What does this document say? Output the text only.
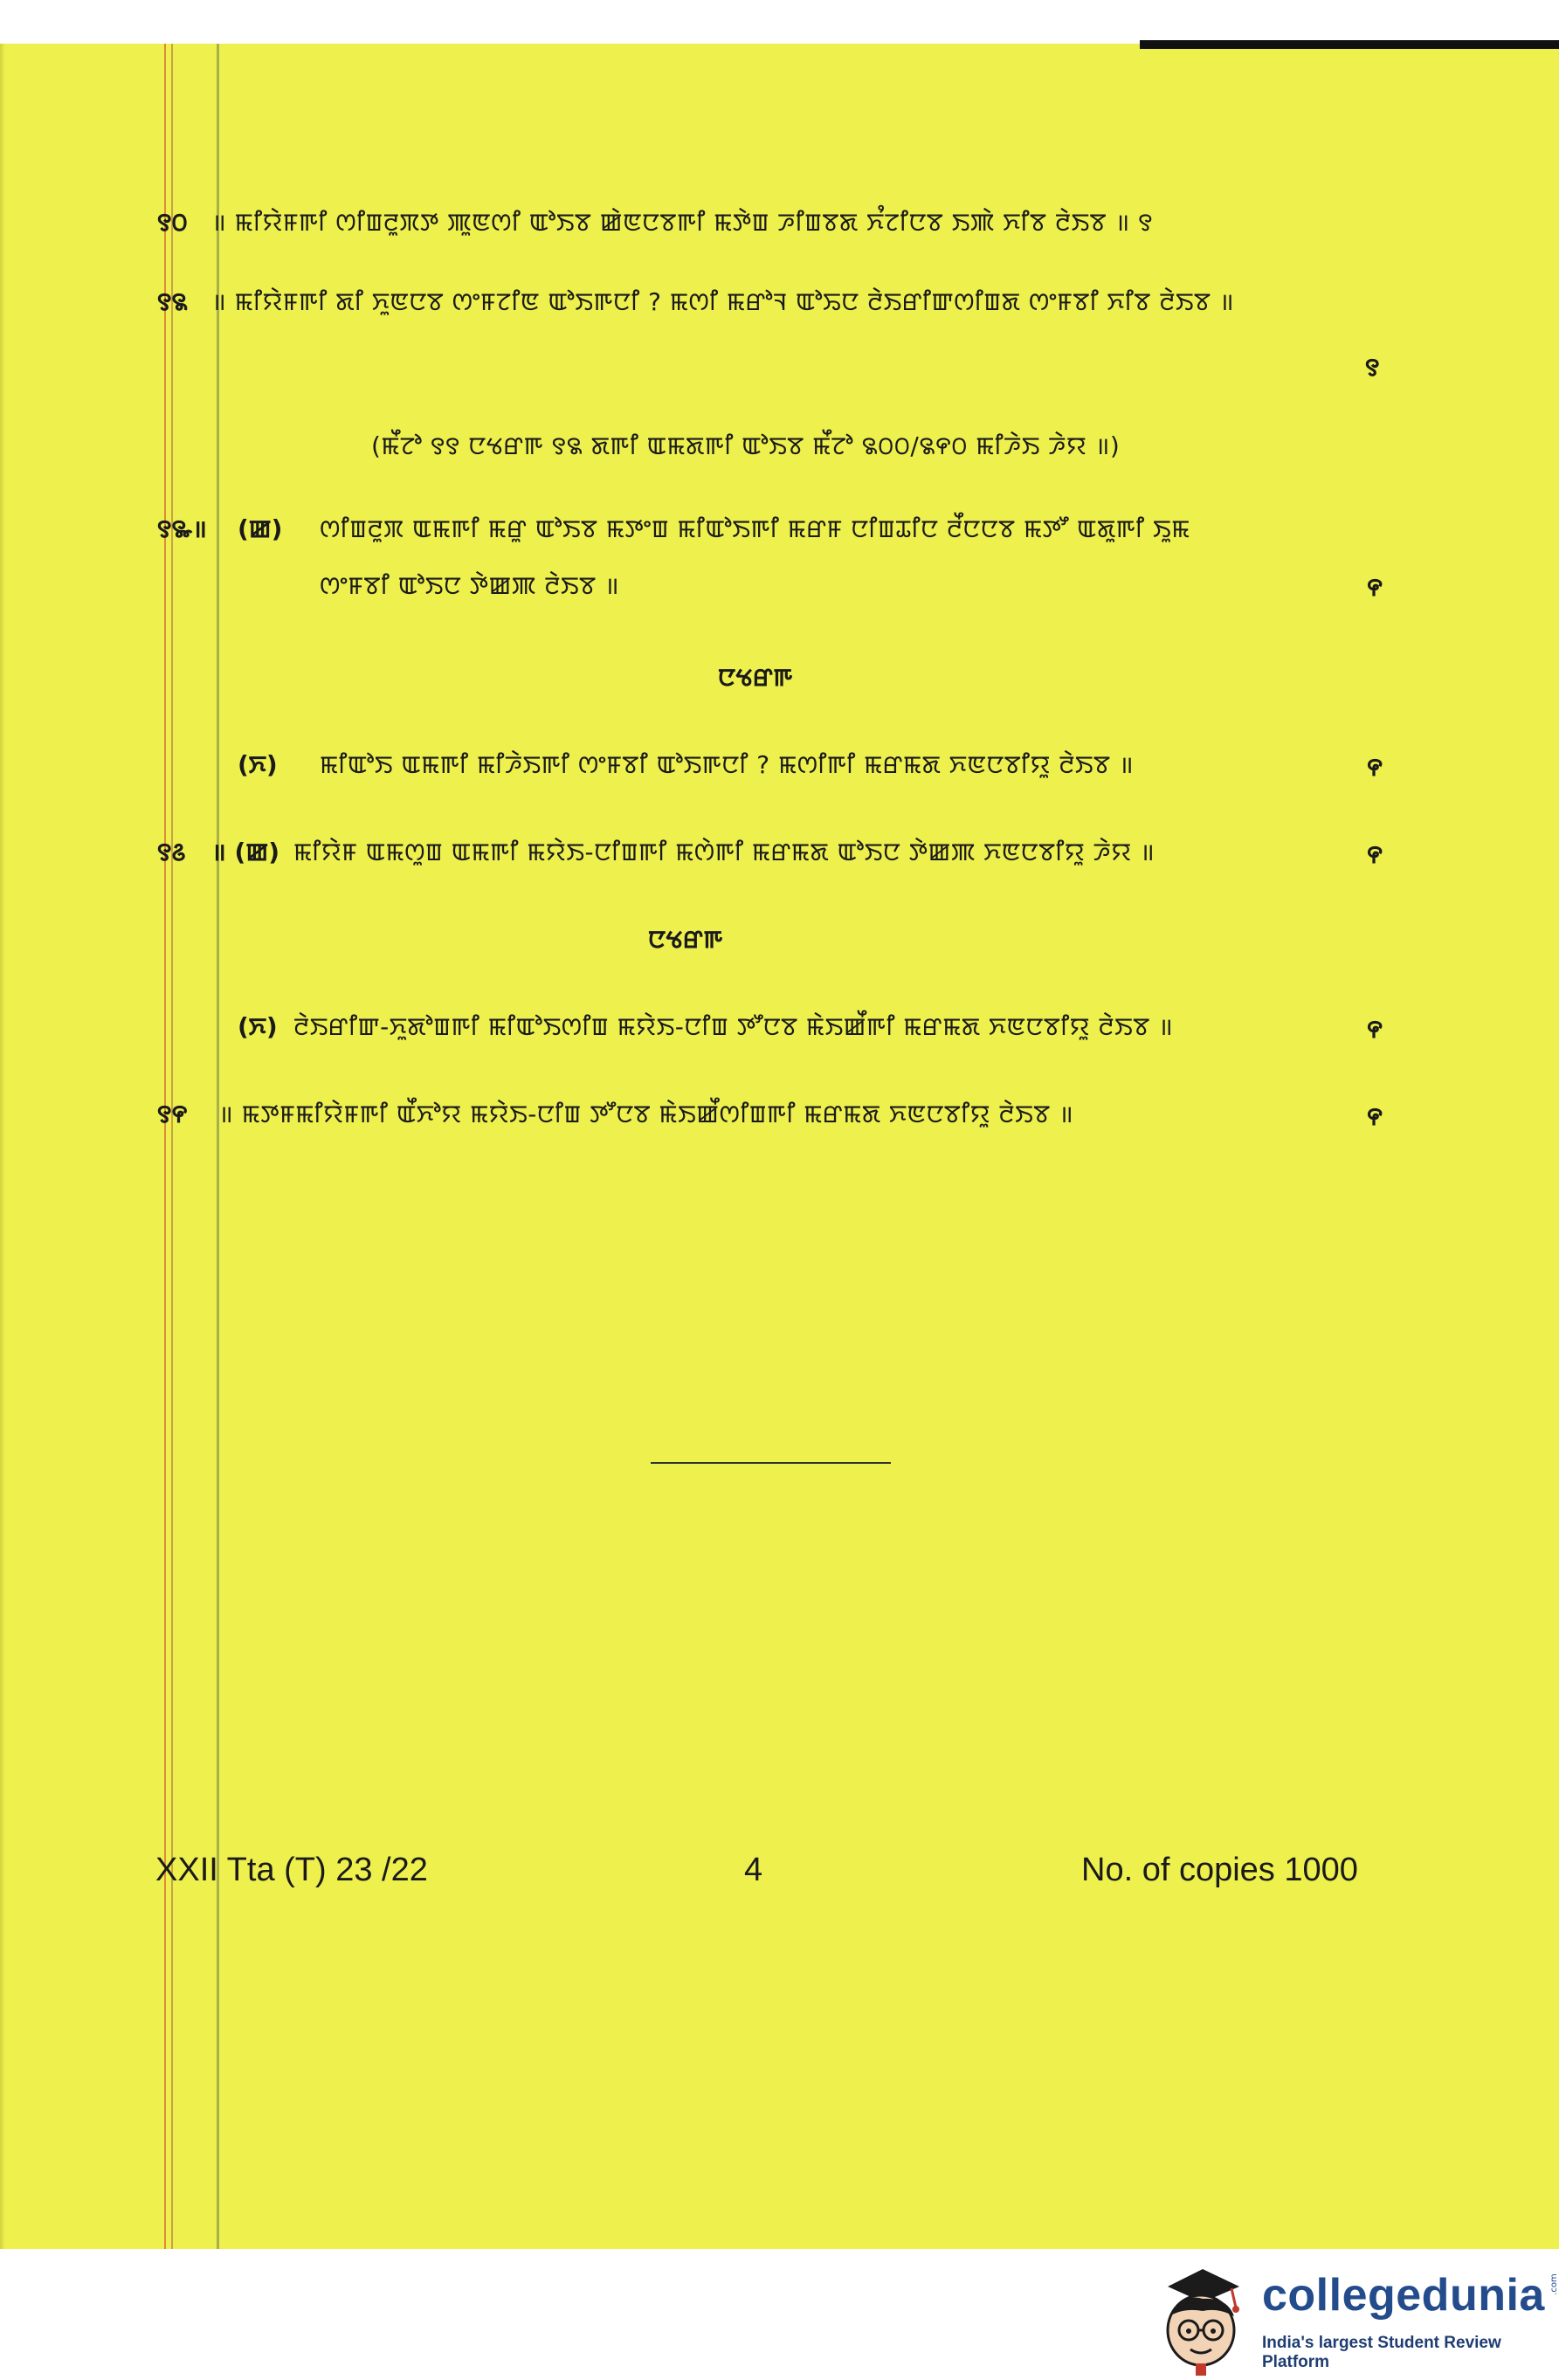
꯱꯰ ॥ ꯃꯤꯌꯥꯝꯒꯤ ꯁꯤꯡꯂꯨꯞꯇ ꯄꯨꯟꯁꯤ ꯑꯣꯏꯕ ꯀꯥꯟꯅꯕꯒꯤ ꯃꯇꯥꯡ ꯍꯤꯡꯕꯗ ꯈꯪꯖꯤꯅꯕ ꯏꯄꯥ ꯈꯤꯕ ꯂꯥꯏꯕ ॥ ꯱
꯱꯲ ॥ ꯃꯤꯌꯥꯝꯒꯤ ꯗꯤ ꯈꯨꯟꯅꯕ ꯁꯦꯝꯖꯤꯟ ꯑꯣꯏꯒꯅꯤ ? ꯃꯁꯤ ꯃꯔꯣꯜ ꯑꯣꯢꯅ ꯂꯥꯏꯔꯤꯛꯁꯤꯡꯗ ꯁꯦꯝꯕꯤ ꯈꯤꯕ ꯂꯥꯏꯕ ॥
꯱
(ꯃꯩꯖꯣ ꯱꯱ ꯅꯠꯔꯒ ꯱꯲ ꯗꯒꯤ ꯑꯃꯗꯒꯤ ꯑꯣꯏꯕ ꯃꯩꯖꯣ ꯲꯰꯰/꯲꯵꯰ ꯃꯤꯍꯥꯏ ꯍꯥꯌ ॥)
꯱꯳॥ (ꯀ) ꯁꯤꯡꯂꯨꯞ ꯑꯃꯒꯤ ꯃꯔꯨ ꯑꯣꯏꯕ ꯃꯇꯦꯡ ꯃꯤꯑꯣꯏꯒꯤ ꯃꯔꯝ ꯅꯤꯡꯊꯤꯅ ꯂꯩꯅꯅꯕ ꯃꯇꯧ ꯑꯗꯨꯒꯤ ꯏꯨꯃ
ꯁꯦꯝꯕꯤ ꯑꯣꯏꯅ ꯇꯥꯀꯄ ꯂꯥꯏꯕ ॥	꯵
ꯅꯠꯔꯒ
(ꯈ) ꯃꯤꯑꯣꯏ ꯑꯃꯒꯤ ꯃꯤꯍꯥꯏꯒꯤ ꯁꯦꯝꯕꯤ ꯑꯣꯏꯒꯅꯤ ? ꯃꯁꯤꯒꯤ ꯃꯔꯃꯗ ꯈꯟꯅꯕꯤꯌꯨ ꯂꯥꯏꯕ ॥	꯵
꯱꯴ ॥ (ꯀ) ꯃꯤꯌꯥꯝ ꯑꯃꯁꯨꯡ ꯑꯃꯒꯤ ꯃꯌꯥꯏ-ꯅꯤꯡꯒꯤ ꯃꯁꯥꯒꯤ ꯃꯔꯃꯗ ꯑꯣꯏꯅ ꯇꯥꯀꯄ ꯈꯟꯅꯕꯤꯌꯨ ꯍꯥꯌ ॥	꯵
ꯅꯠꯔꯒ
(ꯈ) ꯂꯥꯏꯔꯤꯛ-ꯈꯨꯗꯣꯡꯒꯤ ꯃꯤꯑꯣꯏꯁꯤꯡ ꯃꯌꯥꯏ-ꯅꯤꯡ ꯇꯧꯅꯕ ꯃꯥꯏꯀꯩꯒꯤ ꯃꯔꯃꯗ ꯈꯟꯅꯕꯤꯌꯨ ꯂꯥꯏꯕ ॥	꯵
꯱꯵ ॥ ꯃꯇꯝꯃꯤꯌꯥꯝꯒꯤ ꯑꯩꯈꯣꯌ ꯃꯌꯥꯏ-ꯅꯤꯡ ꯇꯧꯅꯕ ꯃꯥꯏꯀꯩꯁꯤꯡꯒꯤ ꯃꯔꯃꯗ ꯈꯟꯅꯕꯤꯌꯨ ꯂꯥꯏꯕ ॥	꯵
XXII Tta (T) 23 /22	4	No. of copies 1000
collegedunia
India's largest Student Review Platform
.com
